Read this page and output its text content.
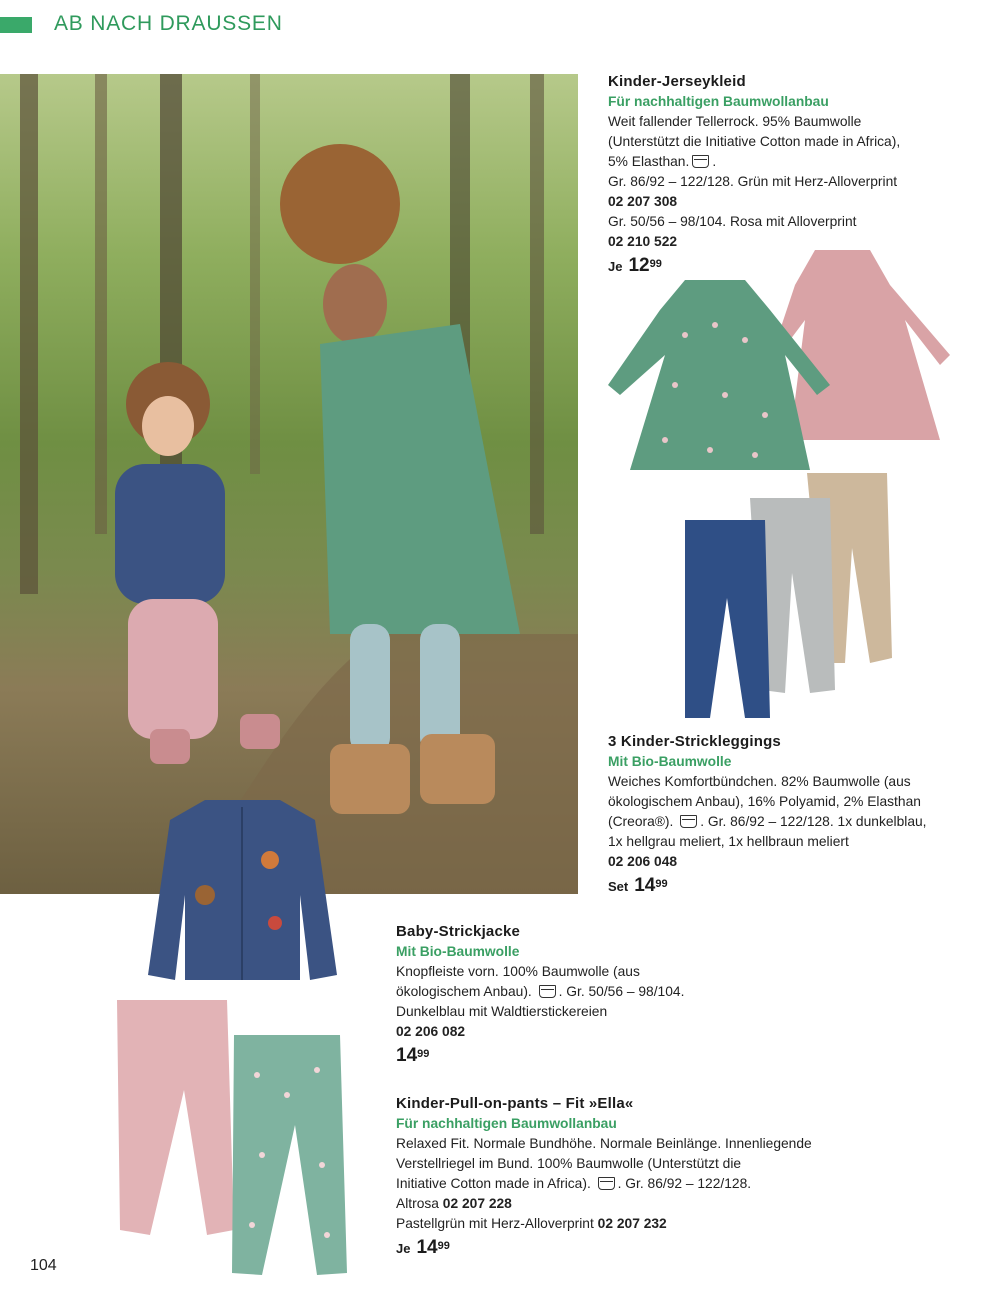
AB NACH DRAUSSEN

Kinder-Jerseykleid

Für nachhaltigen Baumwollanbau

Weit fallender Tellerrock. 95% Baumwolle

(Unterstützt die Initiative Cotton made in Africa),

5% Elasthan. .

Gr. 86/92 – 122/128. Grün mit Herz-Alloverprint

02 207 308

Gr. 50/56 – 98/104. Rosa mit Alloverprint

02 210 522

Je $12^{99}$

3 Kinder-Strickleggings

Mit Bio-Baumwolle

Weiches Komfortbündchen. 82% Baumwolle (aus

ökologischem Anbau), 16% Polyamid, 2% Elasthan

(Creora®). . Gr. 86/92 – 122/128. 1x dunkelblau,

1x hellgrau meliert, 1x hellbraun meliert

02 206 048

Set $14^{99}$

Baby-Strickjacke

Mit Bio-Baumwolle

Knopfleiste vorn. 100% Baumwolle (aus

ökologischem Anbau). . Gr. 50/56 – 98/104.

Dunkelblau mit Waldtierstickereien

02 206 082

$14^{99}$

Kinder-Pull-on-pants – Fit »Ella«

Für nachhaltigen Baumwollanbau

Relaxed Fit. Normale Bundhöhe. Normale Beinlänge. Innenliegende

Verstellriegel im Bund. 100% Baumwolle (Unterstützt die

Initiative Cotton made in Africa). . Gr. 86/92 – 122/128.

Altrosa 02 207 228

Pastellgrün mit Herz-Alloverprint 02 207 232

Je $14^{99}$
104
